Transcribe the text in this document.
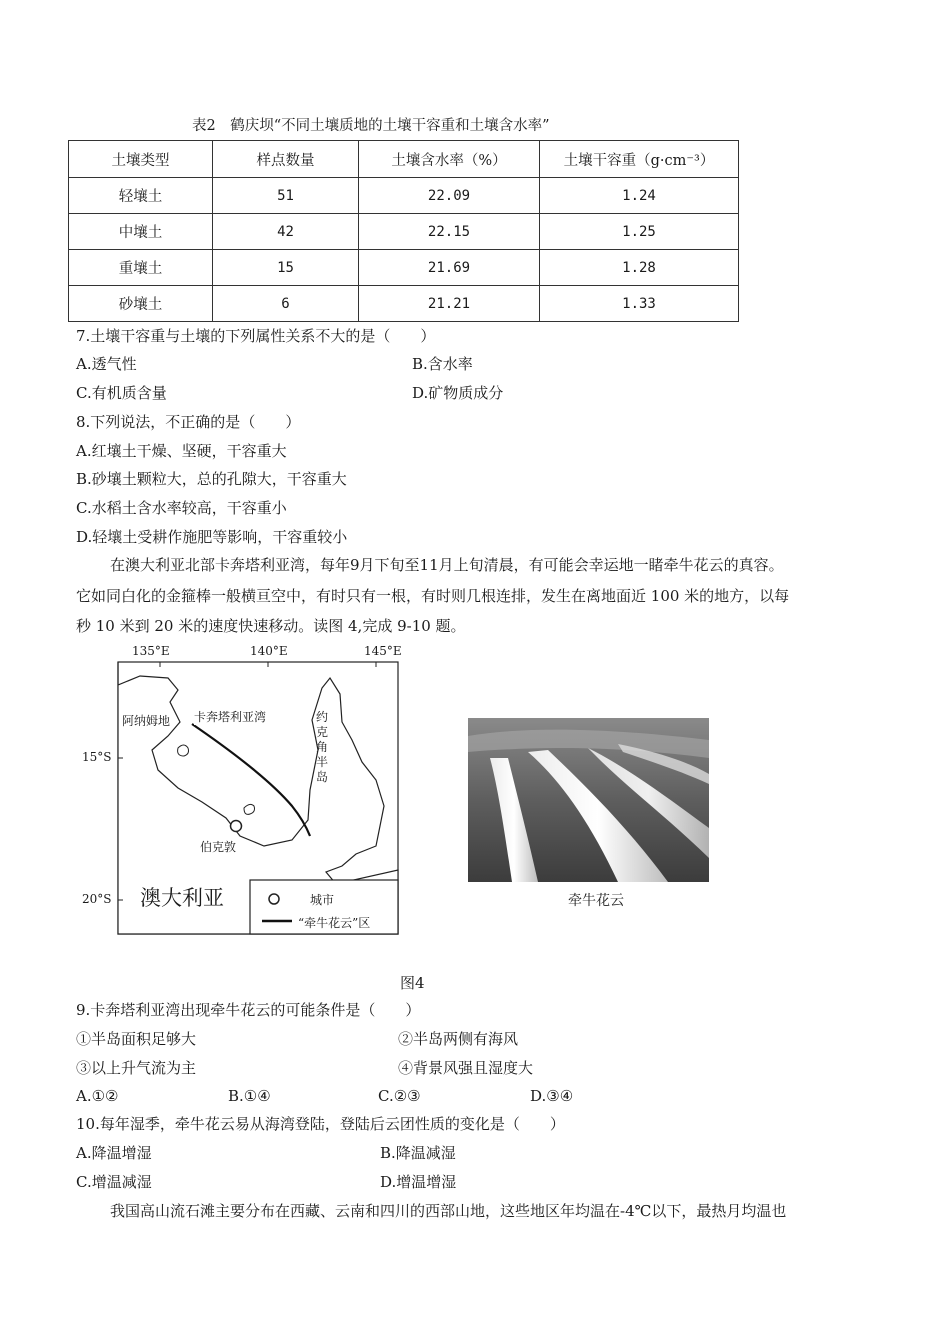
表2　鹤庆坝“不同土壤质地的土壤干容重和土壤含水率”
土壤类型	样点数量	土壤含水率（%）	土壤干容重（g·cm⁻³）
轻壤土	51	22.09	1.24
中壤土	42	22.15	1.25
重壤土	15	21.69	1.28
砂壤土	6	21.21	1.33
7.土壤干容重与土壤的下列属性关系不大的是（　　）
A.透气性	B.含水率
C.有机质含量	D.矿物质成分
8.下列说法，不正确的是（　　）
A.红壤土干燥、坚硬，干容重大
B.砂壤土颗粒大，总的孔隙大，干容重大
C.水稻土含水率较高，干容重小
D.轻壤土受耕作施肥等影响，干容重较小
在澳大利亚北部卡奔塔利亚湾，每年9月下旬至11月上旬清晨，有可能会幸运地一睹牵牛花云的真容。
它如同白化的金箍棒一般横亘空中，有时只有一根，有时则几根连排，发生在离地面近 100 米的地方，以每
秒 10 米到 20 米的速度快速移动。读图 4,完成 9-10 题。
135°E	140°E	145°E
15°S
20°S
卡奔塔利亚湾
阿纳姆地	约
克
角
半
岛
伯克敦
澳大利亚	城市
“牵牛花云”区
牵牛花云
图4
9.卡奔塔利亚湾出现牵牛花云的可能条件是（　　）
①半岛面积足够大	②半岛两侧有海风
③以上升气流为主	④背景风强且湿度大
A.①②	B.①④	C.②③	D.③④
10.每年湿季，牵牛花云易从海湾登陆，登陆后云团性质的变化是（　　）
A.降温增湿	B.降温减湿
C.增温减湿	D.增温增湿
我国高山流石滩主要分布在西藏、云南和四川的西部山地，这些地区年均温在-4℃以下，最热月均温也
